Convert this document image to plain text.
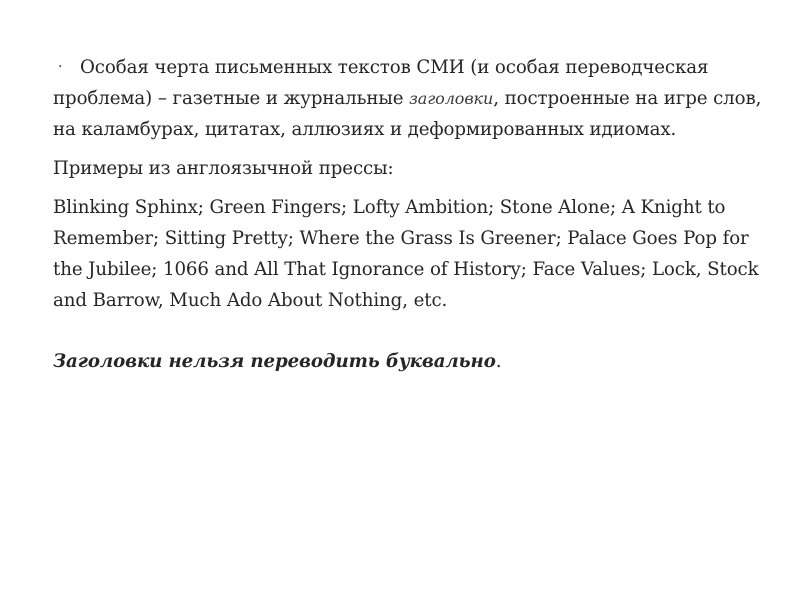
· Особая черта письменных текстов СМИ (и особая переводческая проблема) – газетные и журнальные заголовки, построенные на игре слов, на каламбурах, цитатах, аллюзиях и деформированных идиомах.

Примеры из англоязычной прессы:

Blinking Sphinx; Green Fingers; Lofty Ambition; Stone Alone; A Knight to Remember; Sitting Pretty; Where the Grass Is Greener; Palace Goes Pop for the Jubilee; 1066 and All That Ignorance of History; Face Values; Lock, Stock and Barrow, Much Ado About Nothing, etc.

Заголовки нельзя переводить буквально.
